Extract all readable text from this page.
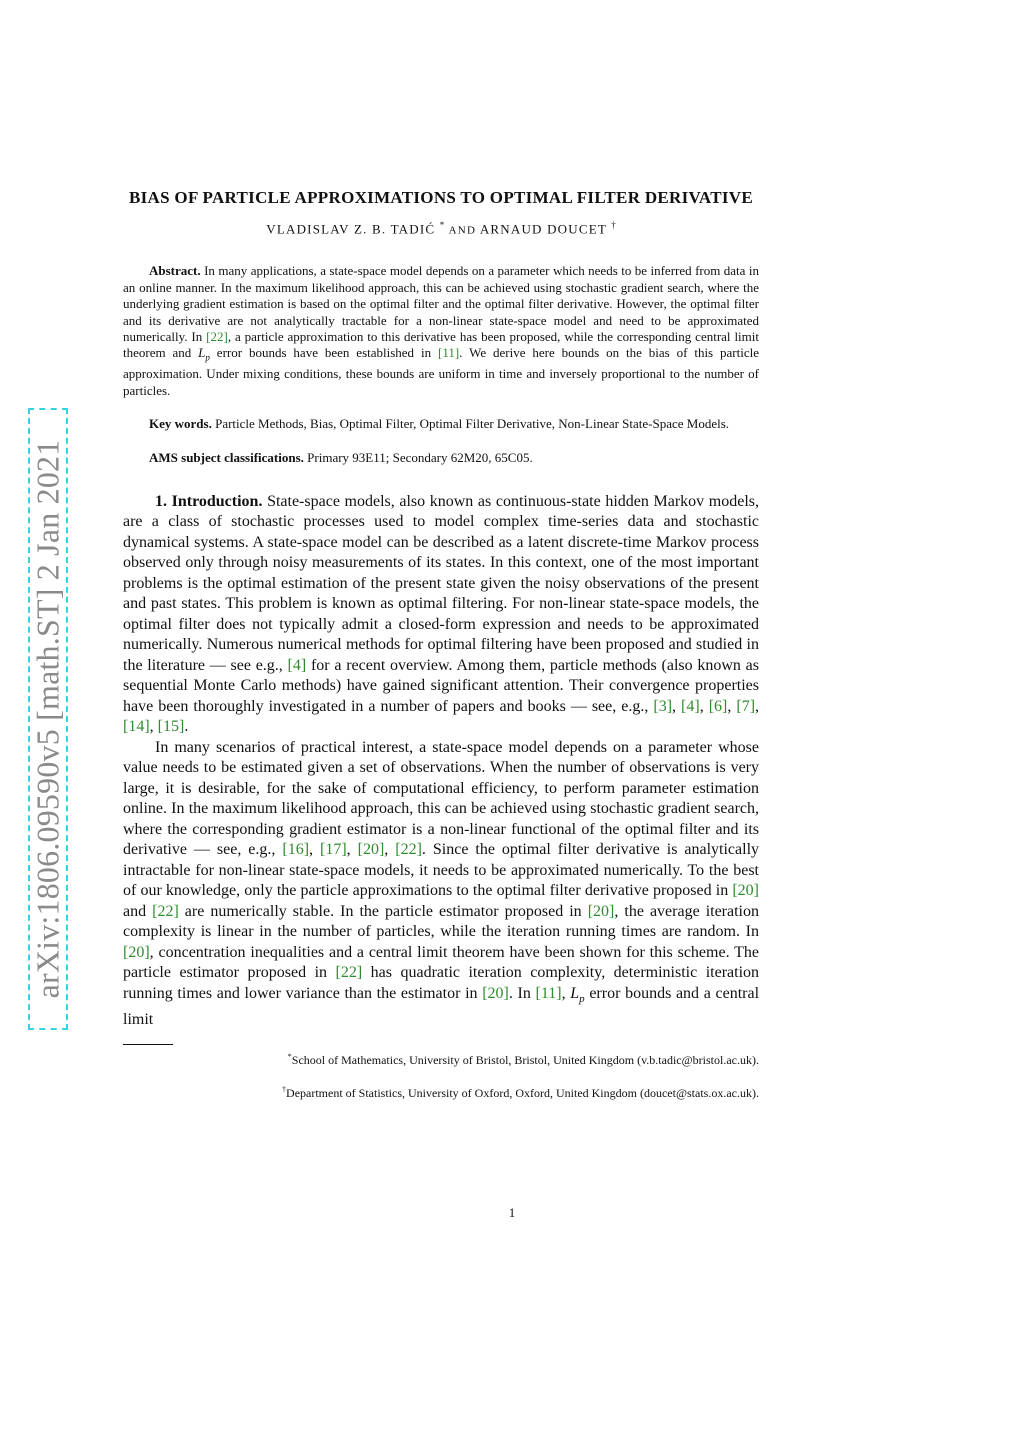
arXiv:1806.09590v5 [math.ST] 2 Jan 2021
BIAS OF PARTICLE APPROXIMATIONS TO OPTIMAL FILTER DERIVATIVE
VLADISLAV Z. B. TADIĆ * AND ARNAUD DOUCET †
Abstract. In many applications, a state-space model depends on a parameter which needs to be inferred from data in an online manner. In the maximum likelihood approach, this can be achieved using stochastic gradient search, where the underlying gradient estimation is based on the optimal filter and the optimal filter derivative. However, the optimal filter and its derivative are not analytically tractable for a non-linear state-space model and need to be approximated numerically. In [22], a particle approximation to this derivative has been proposed, while the corresponding central limit theorem and $L_p$ error bounds have been established in [11]. We derive here bounds on the bias of this particle approximation. Under mixing conditions, these bounds are uniform in time and inversely proportional to the number of particles.
Key words. Particle Methods, Bias, Optimal Filter, Optimal Filter Derivative, Non-Linear State-Space Models.
AMS subject classifications. Primary 93E11; Secondary 62M20, 65C05.

1. Introduction. State-space models, also known as continuous-state hidden Markov models, are a class of stochastic processes used to model complex time-series data and stochastic dynamical systems. A state-space model can be described as a latent discrete-time Markov process observed only through noisy measurements of its states. In this context, one of the most important problems is the optimal estimation of the present state given the noisy observations of the present and past states. This problem is known as optimal filtering. For non-linear state-space models, the optimal filter does not typically admit a closed-form expression and needs to be approximated numerically. Numerous numerical methods for optimal filtering have been proposed and studied in the literature — see e.g., [4] for a recent overview. Among them, particle methods (also known as sequential Monte Carlo methods) have gained significant attention. Their convergence properties have been thoroughly investigated in a number of papers and books — see, e.g., [3], [4], [6], [7], [14], [15].

In many scenarios of practical interest, a state-space model depends on a parameter whose value needs to be estimated given a set of observations. When the number of observations is very large, it is desirable, for the sake of computational efficiency, to perform parameter estimation online. In the maximum likelihood approach, this can be achieved using stochastic gradient search, where the corresponding gradient estimator is a non-linear functional of the optimal filter and its derivative — see, e.g., [16], [17], [20], [22]. Since the optimal filter derivative is analytically intractable for non-linear state-space models, it needs to be approximated numerically. To the best of our knowledge, only the particle approximations to the optimal filter derivative proposed in [20] and [22] are numerically stable. In the particle estimator proposed in [20], the average iteration complexity is linear in the number of particles, while the iteration running times are random. In [20], concentration inequalities and a central limit theorem have been shown for this scheme. The particle estimator proposed in [22] has quadratic iteration complexity, deterministic iteration running times and lower variance than the estimator in [20]. In [11], $L_p$ error bounds and a central limit

*School of Mathematics, University of Bristol, Bristol, United Kingdom (v.b.tadic@bristol.ac.uk).
†Department of Statistics, University of Oxford, Oxford, United Kingdom (doucet@stats.ox.ac.uk).
1
